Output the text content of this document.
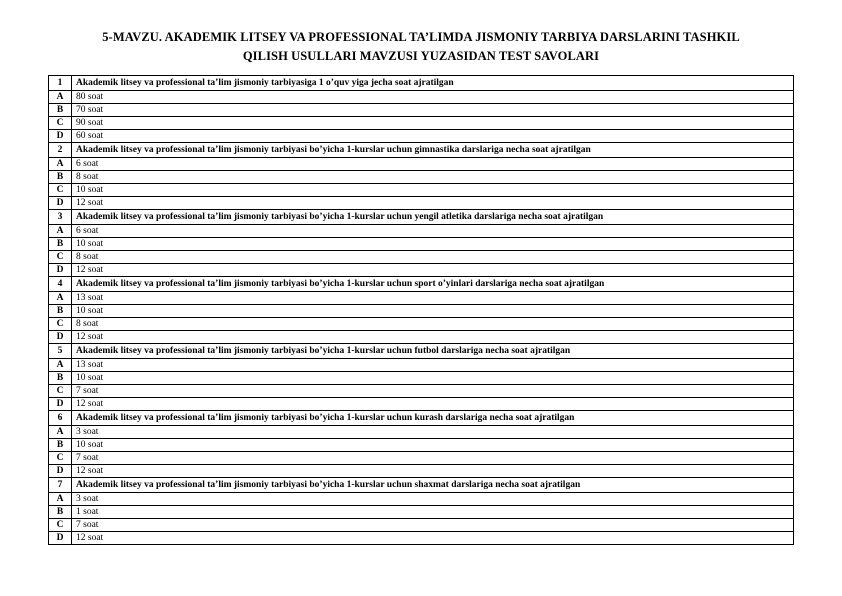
5-MAVZU. AKADEMIK LITSEY VA PROFESSIONAL TA’LIMDA JISMONIY TARBIYA DARSLARINI TASHKIL
QILISH USULLARI MAVZUSI YUZASIDAN TEST SAVOLARI
1	Akademik litsey va professional ta’lim jismoniy tarbiyasiga 1 o’quv yiga jecha soat ajratilgan
A	80 soat
B	70 soat
C	90 soat
D	60 soat
2	Akademik litsey va professional ta’lim jismoniy tarbiyasi bo’yicha 1-kurslar uchun gimnastika darslariga necha soat ajratilgan
A	6 soat
B	8 soat
C	10 soat
D	12 soat
3	Akademik litsey va professional ta’lim jismoniy tarbiyasi bo’yicha 1-kurslar uchun yengil atletika darslariga necha soat ajratilgan
A	6 soat
B	10 soat
C	8 soat
D	12 soat
4	Akademik litsey va professional ta’lim jismoniy tarbiyasi bo’yicha 1-kurslar uchun sport o’yinlari darslariga necha soat ajratilgan
A	13 soat
B	10 soat
C	8 soat
D	12 soat
5	Akademik litsey va professional ta’lim jismoniy tarbiyasi bo’yicha 1-kurslar uchun futbol darslariga necha soat ajratilgan
A	13 soat
B	10 soat
C	7 soat
D	12 soat
6	Akademik litsey va professional ta’lim jismoniy tarbiyasi bo’yicha 1-kurslar uchun kurash darslariga necha soat ajratilgan
A	3 soat
B	10 soat
C	7 soat
D	12 soat
7	Akademik litsey va professional ta’lim jismoniy tarbiyasi bo’yicha 1-kurslar uchun shaxmat darslariga necha soat ajratilgan
A	3 soat
B	1 soat
C	7 soat
D	12 soat
